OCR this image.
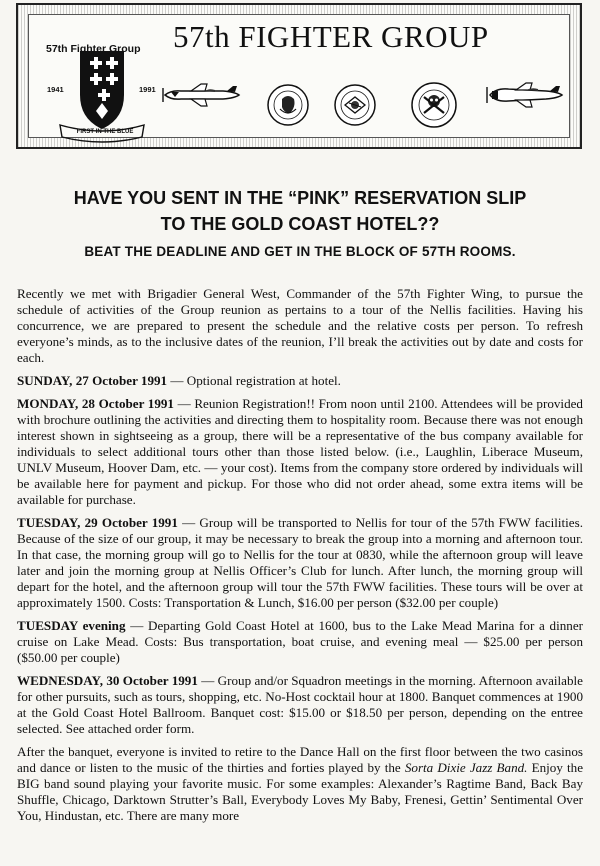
57th FIGHTER GROUP
57th Fighter Group
1941	1991
FIRST IN THE BLUE
HAVE YOU SENT IN THE “PINK” RESERVATION SLIP
TO THE GOLD COAST HOTEL??
BEAT THE DEADLINE AND GET IN THE BLOCK OF 57TH ROOMS.

Recently we met with Brigadier General West, Commander of the 57th Fighter Wing, to pursue the schedule of activities of the Group reunion as pertains to a tour of the Nellis facilities. Having his concurrence, we are prepared to present the schedule and the relative costs per person. To refresh everyone’s minds, as to the inclusive dates of the reunion, I’ll break the activities out by date and costs for each.

SUNDAY, 27 October 1991 — Optional registration at hotel.

MONDAY, 28 October 1991 — Reunion Registration!! From noon until 2100. Attendees will be provided with brochure outlining the activities and directing them to hospitality room. Because there was not enough interest shown in sightseeing as a group, there will be a representative of the bus company available for individuals to select additional tours other than those listed below. (i.e., Laughlin, Liberace Museum, UNLV Museum, Hoover Dam, etc. — your cost). Items from the company store ordered by individuals will be available here for payment and pickup. For those who did not order ahead, some extra items will be available for purchase.

TUESDAY, 29 October 1991 — Group will be transported to Nellis for tour of the 57th FWW facilities. Because of the size of our group, it may be necessary to break the group into a morning and afternoon tour. In that case, the morning group will go to Nellis for the tour at 0830, while the afternoon group will leave later and join the morning group at Nellis Officer’s Club for lunch. After lunch, the morning group will depart for the hotel, and the afternoon group will tour the 57th FWW facilities. These tours will be over at approximately 1500. Costs: Transportation & Lunch, $16.00 per person ($32.00 per couple)

TUESDAY evening — Departing Gold Coast Hotel at 1600, bus to the Lake Mead Marina for a dinner cruise on Lake Mead. Costs: Bus transportation, boat cruise, and evening meal — $25.00 per person ($50.00 per couple)

WEDNESDAY, 30 October 1991 — Group and/or Squadron meetings in the morning. Afternoon available for other pursuits, such as tours, shopping, etc. No-Host cocktail hour at 1800. Banquet commences at 1900 at the Gold Coast Hotel Ballroom. Banquet cost: $15.00 or $18.50 per person, depending on the entree selected. See attached order form.

After the banquet, everyone is invited to retire to the Dance Hall on the first floor between the two casinos and dance or listen to the music of the thirties and forties played by the Sorta Dixie Jazz Band. Enjoy the BIG band sound playing your favorite music. For some examples: Alexander’s Ragtime Band, Back Bay Shuffle, Chicago, Darktown Strutter’s Ball, Everybody Loves My Baby, Frenesi, Gettin’ Sentimental Over You, Hindustan, etc. There are many more
